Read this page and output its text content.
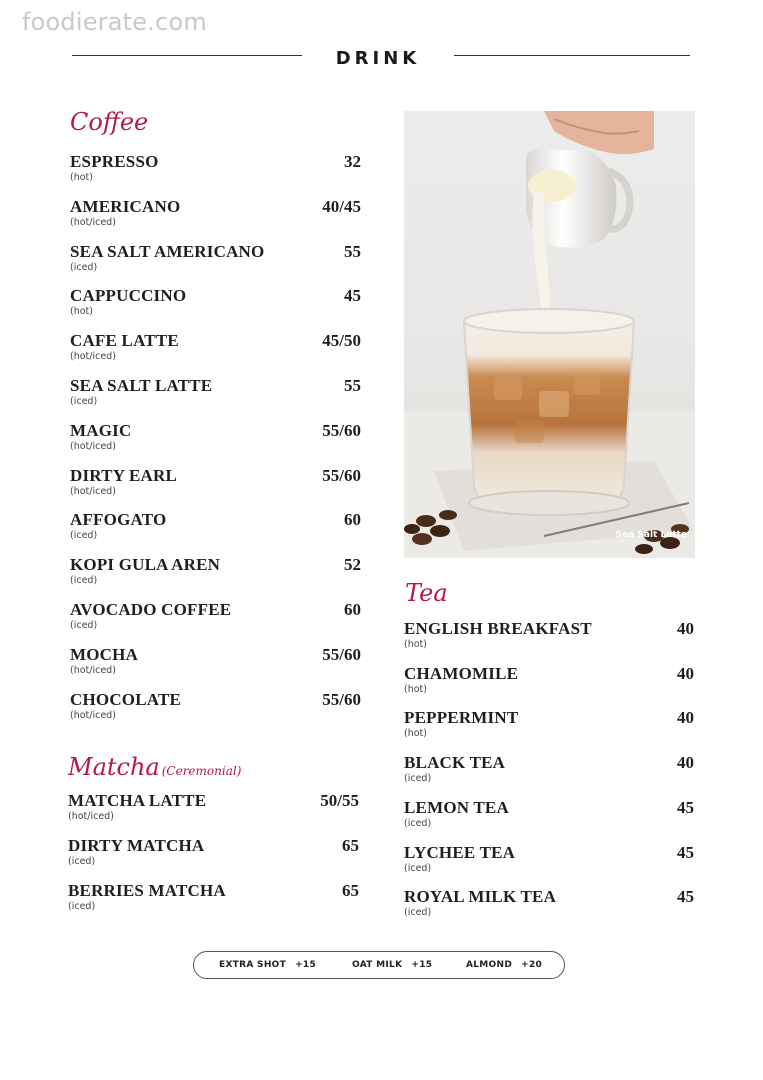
foodierate.com
DRINK
Coffee
ESPRESSO
(hot)
32
AMERICANO
(hot/iced)
40/45
SEA SALT AMERICANO
(iced)
55
CAPPUCCINO
(hot)
45
CAFE LATTE
(hot/iced)
45/50
SEA SALT LATTE
(iced)
55
MAGIC
(hot/iced)
55/60
DIRTY EARL
(hot/iced)
55/60
AFFOGATO
(iced)
60
KOPI GULA AREN
(iced)
52
AVOCADO COFFEE
(iced)
60
MOCHA
(hot/iced)
55/60
CHOCOLATE
(hot/iced)
55/60
Matcha (Ceremonial)
MATCHA LATTE
(hot/iced)
50/55
DIRTY MATCHA
(iced)
65
BERRIES MATCHA
(iced)
65
Sea Salt Latte
Tea
ENGLISH BREAKFAST
(hot)
40
CHAMOMILE
(hot)
40
PEPPERMINT
(hot)
40
BLACK TEA
(iced)
40
LEMON TEA
(iced)
45
LYCHEE TEA
(iced)
45
ROYAL MILK TEA
(iced)
45
EXTRA SHOT +15	OAT MILK +15	ALMOND +20
